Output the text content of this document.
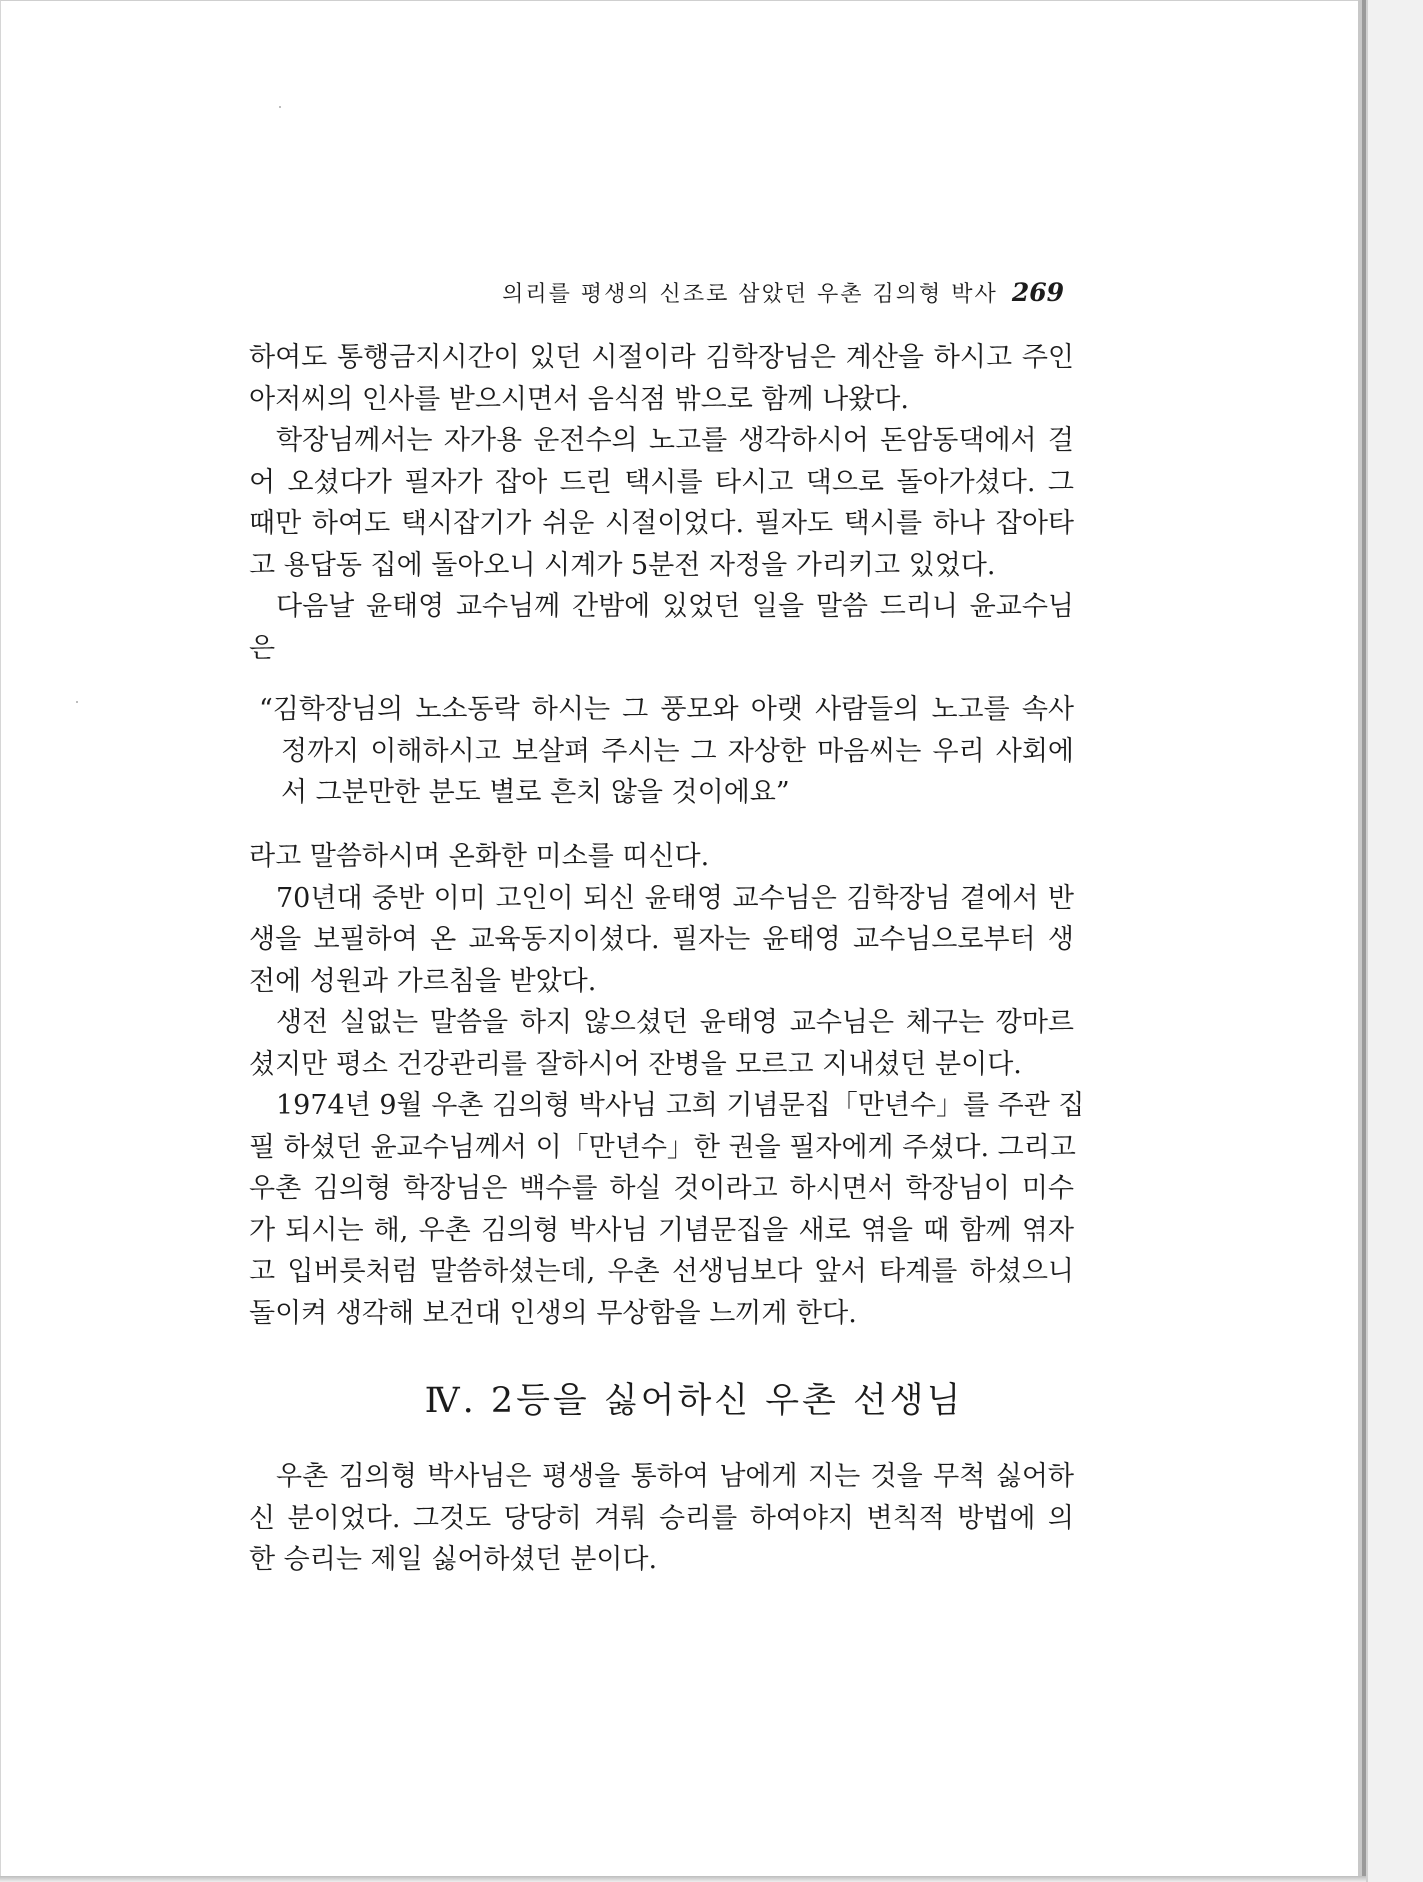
의리를 평생의 신조로 삼았던 우촌 김의형 박사 269
하여도 통행금지시간이 있던 시절이라 김학장님은 계산을 하시고 주인
아저씨의 인사를 받으시면서 음식점 밖으로 함께 나왔다.
학장님께서는 자가용 운전수의 노고를 생각하시어 돈암동댁에서 걸
어 오셨다가 필자가 잡아 드린 택시를 타시고 댁으로 돌아가셨다. 그
때만 하여도 택시잡기가 쉬운 시절이었다. 필자도 택시를 하나 잡아타
고 용답동 집에 돌아오니 시계가 5분전 자정을 가리키고 있었다.
다음날 윤태영 교수님께 간밤에 있었던 일을 말씀 드리니 윤교수님
은
“김학장님의 노소동락 하시는 그 풍모와 아랫 사람들의 노고를 속사
정까지 이해하시고 보살펴 주시는 그 자상한 마음씨는 우리 사회에
서 그분만한 분도 별로 흔치 않을 것이에요”
라고 말씀하시며 온화한 미소를 띠신다.
70년대 중반 이미 고인이 되신 윤태영 교수님은 김학장님 곁에서 반
생을 보필하여 온 교육동지이셨다. 필자는 윤태영 교수님으로부터 생
전에 성원과 가르침을 받았다.
생전 실없는 말씀을 하지 않으셨던 윤태영 교수님은 체구는 깡마르
셨지만 평소 건강관리를 잘하시어 잔병을 모르고 지내셨던 분이다.
1974년 9월 우촌 김의형 박사님 고희 기념문집「만년수」를 주관 집
필 하셨던 윤교수님께서 이「만년수」한 권을 필자에게 주셨다. 그리고
우촌 김의형 학장님은 백수를 하실 것이라고 하시면서 학장님이 미수
가 되시는 해, 우촌 김의형 박사님 기념문집을 새로 엮을 때 함께 엮자
고 입버릇처럼 말씀하셨는데, 우촌 선생님보다 앞서 타계를 하셨으니
돌이켜 생각해 보건대 인생의 무상함을 느끼게 한다.
Ⅳ. 2등을 싫어하신 우촌 선생님
우촌 김의형 박사님은 평생을 통하여 남에게 지는 것을 무척 싫어하
신 분이었다. 그것도 당당히 겨뤄 승리를 하여야지 변칙적 방법에 의
한 승리는 제일 싫어하셨던 분이다.
